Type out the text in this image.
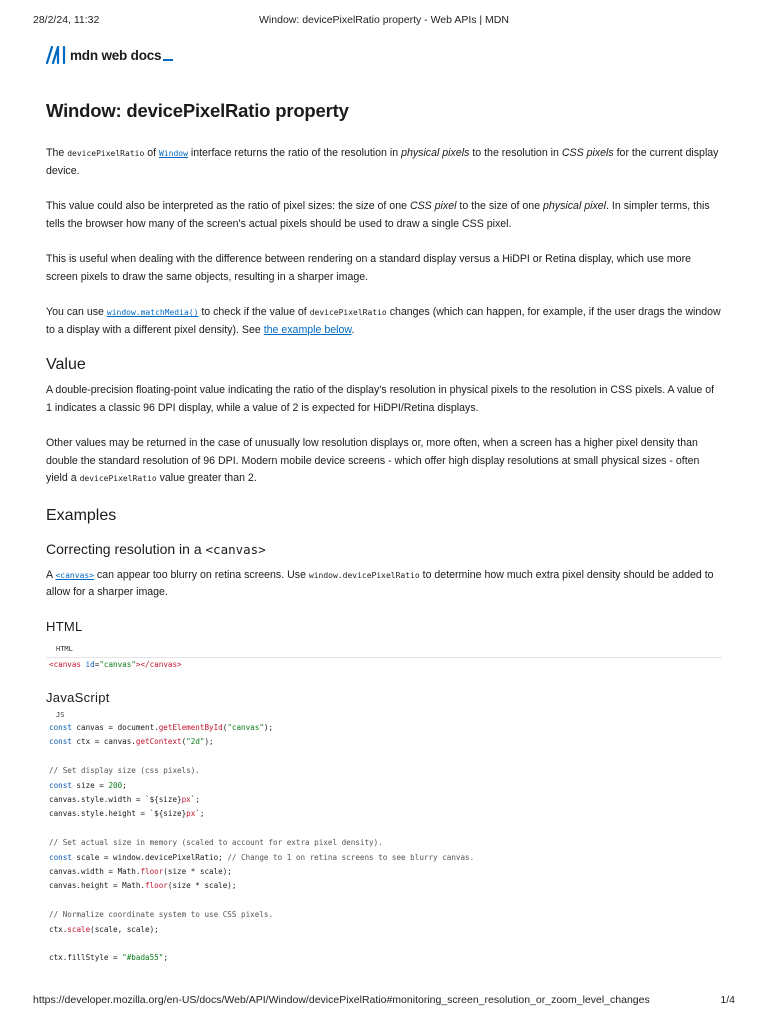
28/2/24, 11:32	Window: devicePixelRatio property - Web APIs | MDN
mdn web docs
Window: devicePixelRatio property

The devicePixelRatio of Window interface returns the ratio of the resolution in physical pixels to the resolution in CSS pixels for the current display device.

This value could also be interpreted as the ratio of pixel sizes: the size of one CSS pixel to the size of one physical pixel. In simpler terms, this tells the browser how many of the screen's actual pixels should be used to draw a single CSS pixel.

This is useful when dealing with the difference between rendering on a standard display versus a HiDPI or Retina display, which use more screen pixels to draw the same objects, resulting in a sharper image.

You can use window.matchMedia() to check if the value of devicePixelRatio changes (which can happen, for example, if the user drags the window to a display with a different pixel density). See the example below.

Value

A double-precision floating-point value indicating the ratio of the display's resolution in physical pixels to the resolution in CSS pixels. A value of 1 indicates a classic 96 DPI display, while a value of 2 is expected for HiDPI/Retina displays.

Other values may be returned in the case of unusually low resolution displays or, more often, when a screen has a higher pixel density than double the standard resolution of 96 DPI. Modern mobile device screens - which offer high display resolutions at small physical sizes - often yield a devicePixelRatio value greater than 2.

Examples
Correcting resolution in a <canvas>

A <canvas> can appear too blurry on retina screens. Use window.devicePixelRatio to determine how much extra pixel density should be added to allow for a sharper image.

HTML
HTML
<canvas id="canvas"></canvas>
JavaScript
JS
const canvas = document.getElementById("canvas");
const ctx = canvas.getContext("2d");

// Set display size (css pixels).
const size = 200;
canvas.style.width = `${size}px`;
canvas.style.height = `${size}px`;

// Set actual size in memory (scaled to account for extra pixel density).
const scale = window.devicePixelRatio; // Change to 1 on retina screens to see blurry canvas.
canvas.width = Math.floor(size * scale);
canvas.height = Math.floor(size * scale);

// Normalize coordinate system to use CSS pixels.
ctx.scale(scale, scale);

ctx.fillStyle = "#bada55";
https://developer.mozilla.org/en-US/docs/Web/API/Window/devicePixelRatio#monitoring_screen_resolution_or_zoom_level_changes	1/4
